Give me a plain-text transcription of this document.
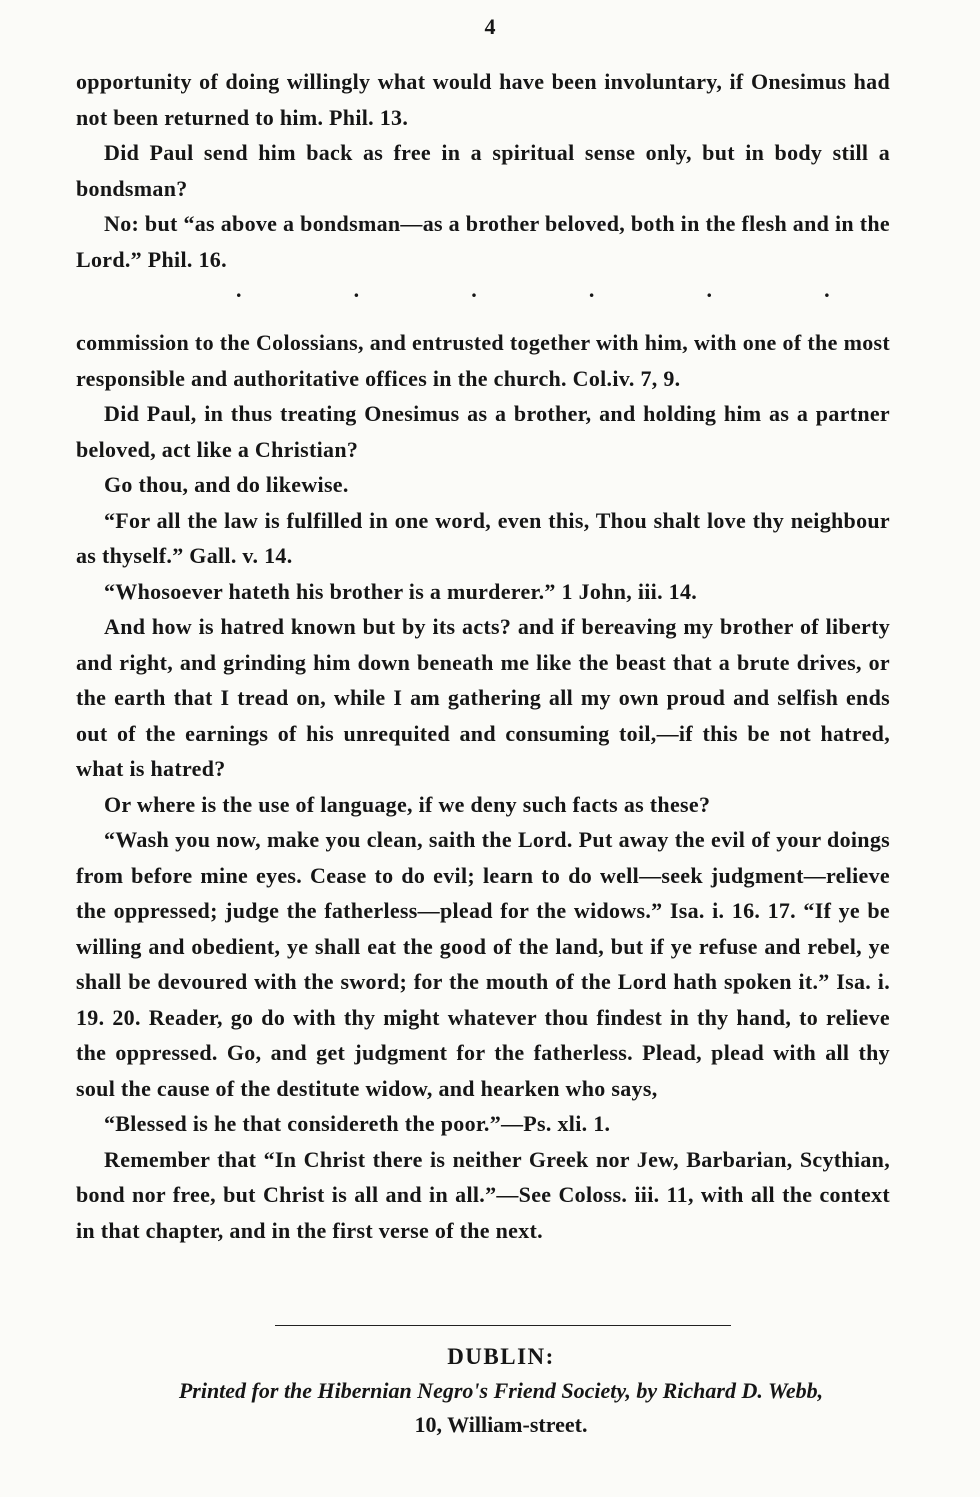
4

opportunity of doing willingly what would have been involuntary, if Onesimus had not been returned to him. Phil. 13.

Did Paul send him back as free in a spiritual sense only, but in body still a bondsman?

No: but “as above a bondsman—as a brother beloved, both in the flesh and in the Lord.” Phil. 16.

.	.	.	.	.	.

commission to the Colossians, and entrusted together with him, with one of the most responsible and authoritative offices in the church. Col.iv. 7, 9.

Did Paul, in thus treating Onesimus as a brother, and holding him as a partner beloved, act like a Christian?

Go thou, and do likewise.

“For all the law is fulfilled in one word, even this, Thou shalt love thy neighbour as thyself.” Gall. v. 14.

“Whosoever hateth his brother is a murderer.” 1 John, iii. 14.

And how is hatred known but by its acts? and if bereaving my brother of liberty and right, and grinding him down beneath me like the beast that a brute drives, or the earth that I tread on, while I am gathering all my own proud and selfish ends out of the earnings of his unrequited and consuming toil,—if this be not hatred, what is hatred?

Or where is the use of language, if we deny such facts as these?

“Wash you now, make you clean, saith the Lord. Put away the evil of your doings from before mine eyes. Cease to do evil; learn to do well—seek judgment—relieve the oppressed; judge the fatherless—plead for the widows.” Isa. i. 16. 17. “If ye be willing and obedient, ye shall eat the good of the land, but if ye refuse and rebel, ye shall be devoured with the sword; for the mouth of the Lord hath spoken it.” Isa. i. 19. 20. Reader, go do with thy might whatever thou findest in thy hand, to relieve the oppressed. Go, and get judgment for the fatherless. Plead, plead with all thy soul the cause of the destitute widow, and hearken who says,

“Blessed is he that considereth the poor.”—Ps. xli. 1.

Remember that “In Christ there is neither Greek nor Jew, Barbarian, Scythian, bond nor free, but Christ is all and in all.”—See Coloss. iii. 11, with all the context in that chapter, and in the first verse of the next.

DUBLIN:
Printed for the Hibernian Negro's Friend Society, by Richard D. Webb,
10, William-street.
